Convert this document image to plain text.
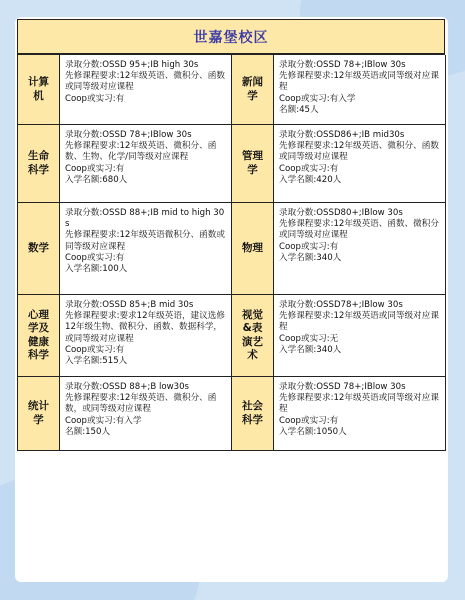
世嘉堡校区
计算机
录取分数:OSSD 95+;IB high 30s
先修课程要求:12年级英语、微积分、函数或同等级对应课程
Coop或实习:有
新闻学
录取分数:OSSD 78+;IBlow 30s
先修课程要求:12年级英语或同等级对应课程
Coop或实习:有入学
名额:45人
生命科学
录取分数:OSSD 78+;IBlow 30s
先修课程要求:12年级英语、微积分、函数、生物、化学/同等级对应课程
Coop或实习:有
入学名额:680人
管理学
录取分数:OSSD86+;IB mid30s
先修课程要求:12年级英语、微积分、函数或同等级对应课程
Coop或实习:有
入学名额:420人
数学
录取分数:OSSD 88+;IB mid to high 30s
先修课程要求:12年级英语微积分、函数或同等级对应课程
Coop或实习:有
入学名额:100人
物理
录取分数:OSSD80+;IBlow 30s
先修课程要求:12年级英语、函数、微积分或同等级对应课程
Coop或实习:有
入学名额:340人
心理学及健康科学
录取分数:OSSD 85+;B mid 30s
先修课程要求:要求12年级英语，建议选修12年级生物、微积分、函数、数据科学，或同等级对应课程
Coop或实习:有
入学名额:515人
视觉&表演艺术
录取分数:OSSD78+;IBlow 30s
先修课程要求:12年级英语或同等级对应课程
Coop或实习:无
入学名额:340人
统计学
录取分数:OSSD 88+;B low30s
先修课程要求:12年级英语、微积分、函数，或同等级对应课程
Coop或实习:有入学
名额:150人
社会科学
录取分数:OSSD 78+;IBlow 30s
先修课程要求:12年级英语或同等级对应课程
Coop或实习:有
入学名额:1050人
